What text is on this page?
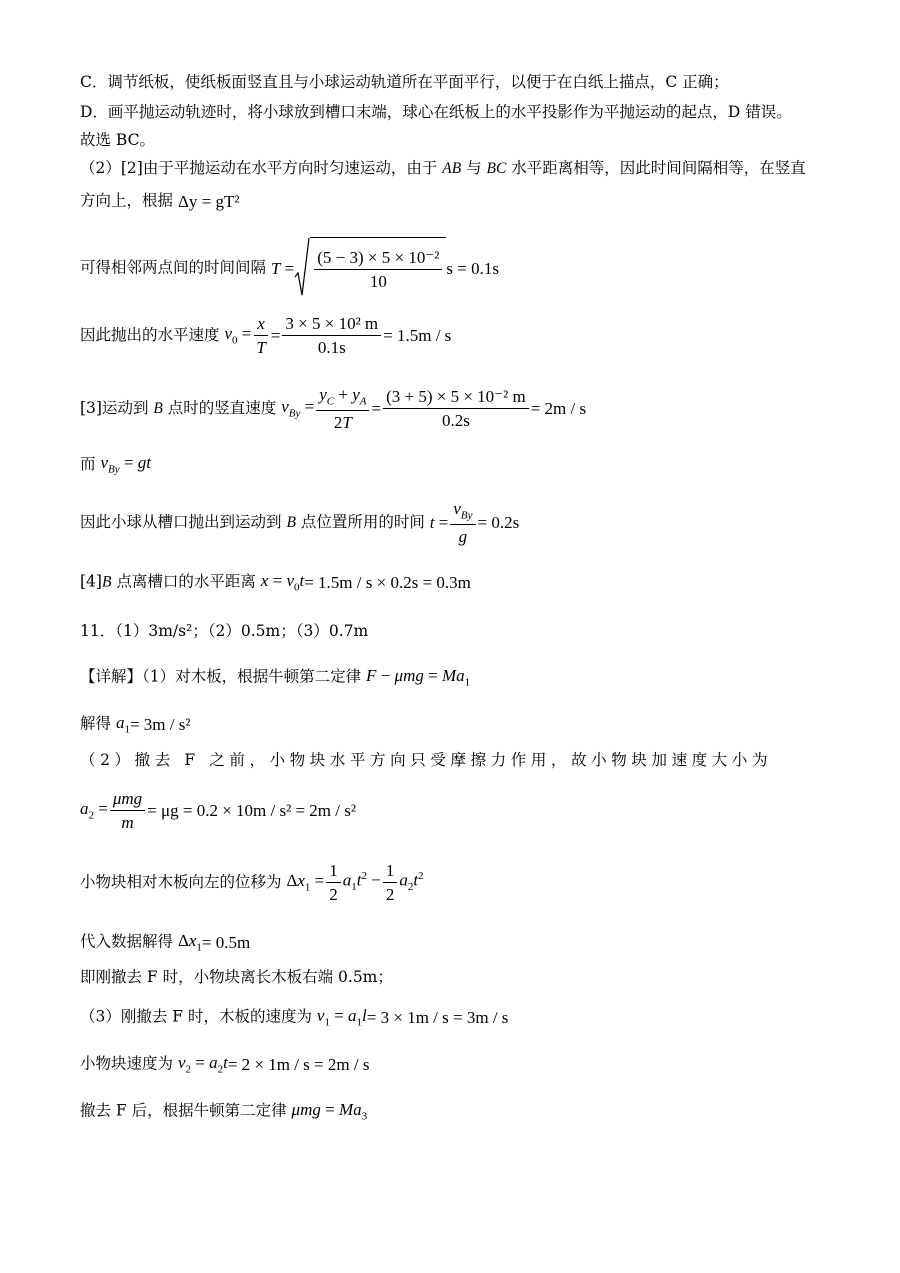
C．调节纸板，使纸板面竖直且与小球运动轨道所在平面平行，以便于在白纸上描点，C 正确；
D．画平抛运动轨迹时，将小球放到槽口末端，球心在纸板上的水平投影作为平抛运动的起点，D 错误。
故选 BC。
（2）[2]由于平抛运动在水平方向时匀速运动，由于 AB 与 BC 水平距离相等，因此时间间隔相等，在竖直
方向上，根据 Δy = gT²
可得相邻两点间的时间间隔 $T = \frac{\text{(5 − 3) × 5 × 10⁻²}}{10}$ s = 0.1s
因此抛出的水平速度 $v_0 = \frac{x}{T} = \frac{\text{3 × 5 × 10² m}}{0.1s} = 1.5m / s$
[3]运动到 B 点时的竖直速度 $v_{By} = \frac{y_C + y_A}{2T} = \frac{\text{(3 + 5) × 5 × 10⁻² m}}{0.2s} = 2m / s$
而 $v_{By}$ = gt
因此小球从槽口抛出到运动到 B 点位置所用的时间 $t = \frac{v_{By}}{g} = 0.2s$
[4]B 点离槽口的水平距离 $x = v_0t= 1.5m / s \times 0.2s = 0.3m$
11．（1）3m/s²；（2）0.5m；（3）0.7m
【详解】（1）对木板，根据牛顿第二定律 $F - \mu mg = Ma_1$
解得 $a_1= 3m / s^2$
（2）撤去 F 之前，小物块水平方向只受摩擦力作用，故小物块加速度大小为
$a_2 = \frac{\text{μmg}}{m} = \mu g = 0.2 \times 10m / s^2 = 2m / s^2$
小物块相对木板向左的位移为 $\Delta x_1 = \frac{1}{2} a_1t^2 - \frac{1}{2} a_2t^2$
代入数据解得 $\Delta x_1= 0.5m$
即刚撤去 F 时，小物块离长木板右端 0.5m；
（3）刚撤去 F 时，木板的速度为 $v_1 = a_1l= 3 \times 1m / s = 3m / s$
小物块速度为 $v_2 = a_2t= 2 \times 1m / s = 2m / s$
撤去 F 后，根据牛顿第二定律 $\mu mg = Ma_3$
